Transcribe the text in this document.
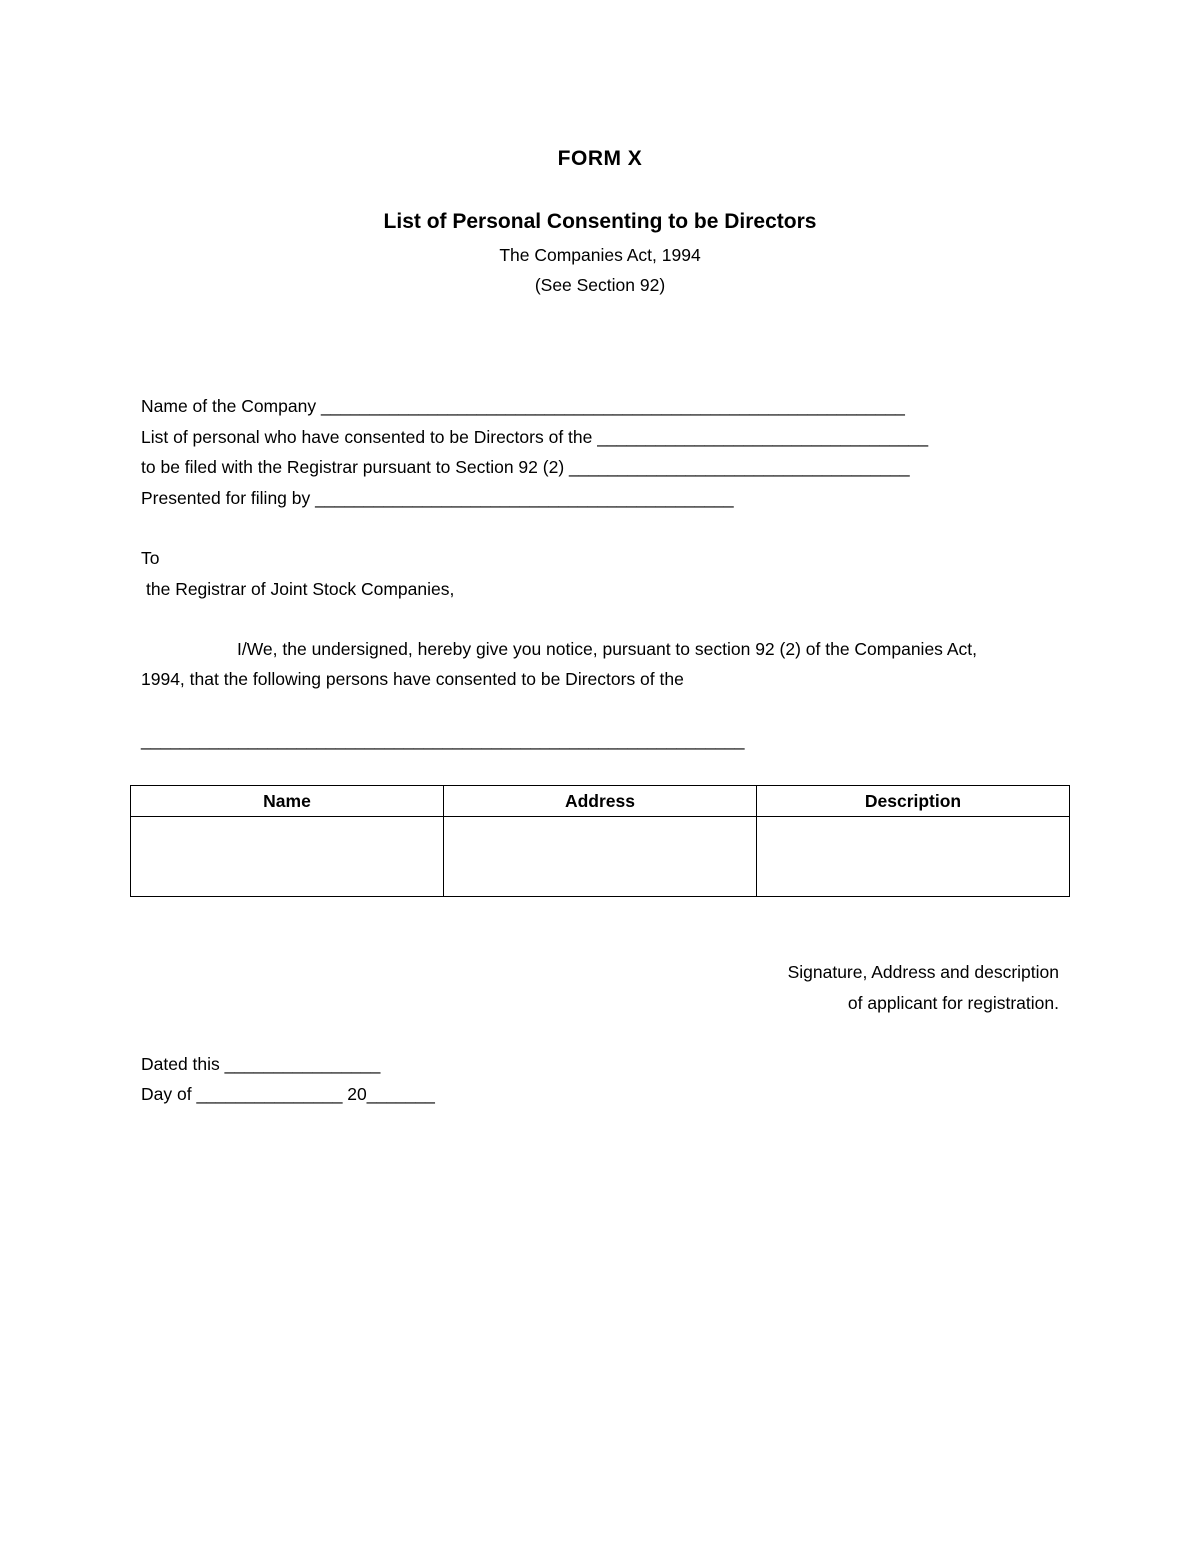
FORM X
List of Personal Consenting to be Directors
The Companies Act, 1994
(See Section 92)
Name of the Company ____________________________________________________________
List of personal who have consented to be Directors of the __________________________________
to be filed with the Registrar pursuant to Section 92 (2) ___________________________________
Presented for filing by ___________________________________________
To
the Registrar of Joint Stock Companies,
I/We, the undersigned, hereby give you notice, pursuant to section 92 (2) of the Companies Act,
1994, that the following persons have consented to be Directors of the
______________________________________________________________
Name	Address	Description

Signature, Address and description
of applicant for registration.
Dated this ________________
Day of _______________ 20_______
